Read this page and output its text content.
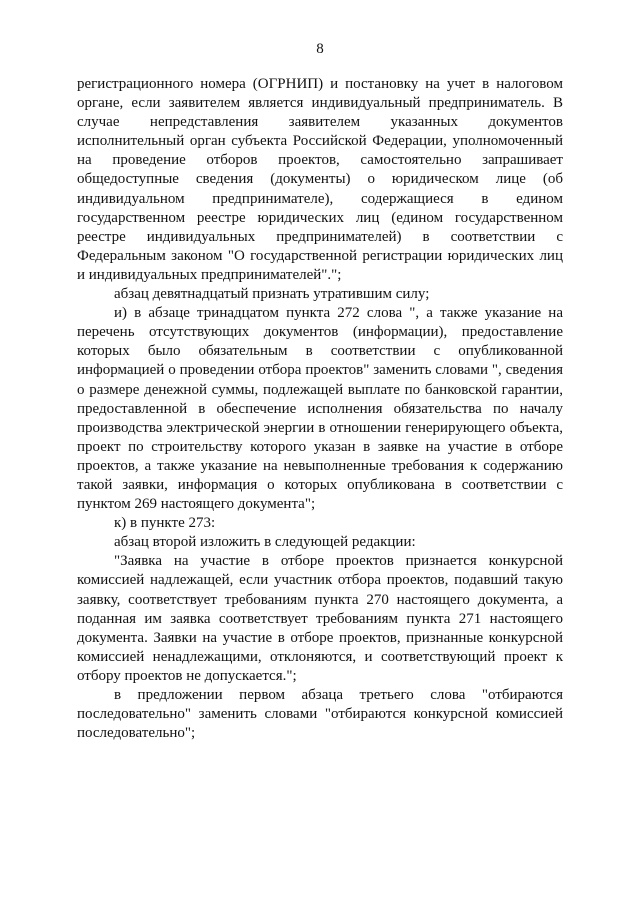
8

регистрационного номера (ОГРНИП) и постановку на учет в налоговом органе, если заявителем является индивидуальный предприниматель. В случае непредставления заявителем указанных документов исполнительный орган субъекта Российской Федерации, уполномоченный на проведение отборов проектов, самостоятельно запрашивает общедоступные сведения (документы) о юридическом лице (об индивидуальном предпринимателе), содержащиеся в едином государственном реестре юридических лиц (едином государственном реестре индивидуальных предпринимателей) в соответствии с Федеральным законом "О государственной регистрации юридических лиц и индивидуальных предпринимателей".";

абзац девятнадцатый признать утратившим силу;

и) в абзаце тринадцатом пункта 272 слова ", а также указание на перечень отсутствующих документов (информации), предоставление которых было обязательным в соответствии с опубликованной информацией о проведении отбора проектов" заменить словами ", сведения о размере денежной суммы, подлежащей выплате по банковской гарантии, предоставленной в обеспечение исполнения обязательства по началу производства электрической энергии в отношении генерирующего объекта, проект по строительству которого указан в заявке на участие в отборе проектов, а также указание на невыполненные требования к содержанию такой заявки, информация о которых опубликована в соответствии с пунктом 269 настоящего документа";

к) в пункте 273:

абзац второй изложить в следующей редакции:

"Заявка на участие в отборе проектов признается конкурсной комиссией надлежащей, если участник отбора проектов, подавший такую заявку, соответствует требованиям пункта 270 настоящего документа, а поданная им заявка соответствует требованиям пункта 271 настоящего документа. Заявки на участие в отборе проектов, признанные конкурсной комиссией ненадлежащими, отклоняются, и соответствующий проект к отбору проектов не допускается.";

в предложении первом абзаца третьего слова "отбираются последовательно" заменить словами "отбираются конкурсной комиссией последовательно";
